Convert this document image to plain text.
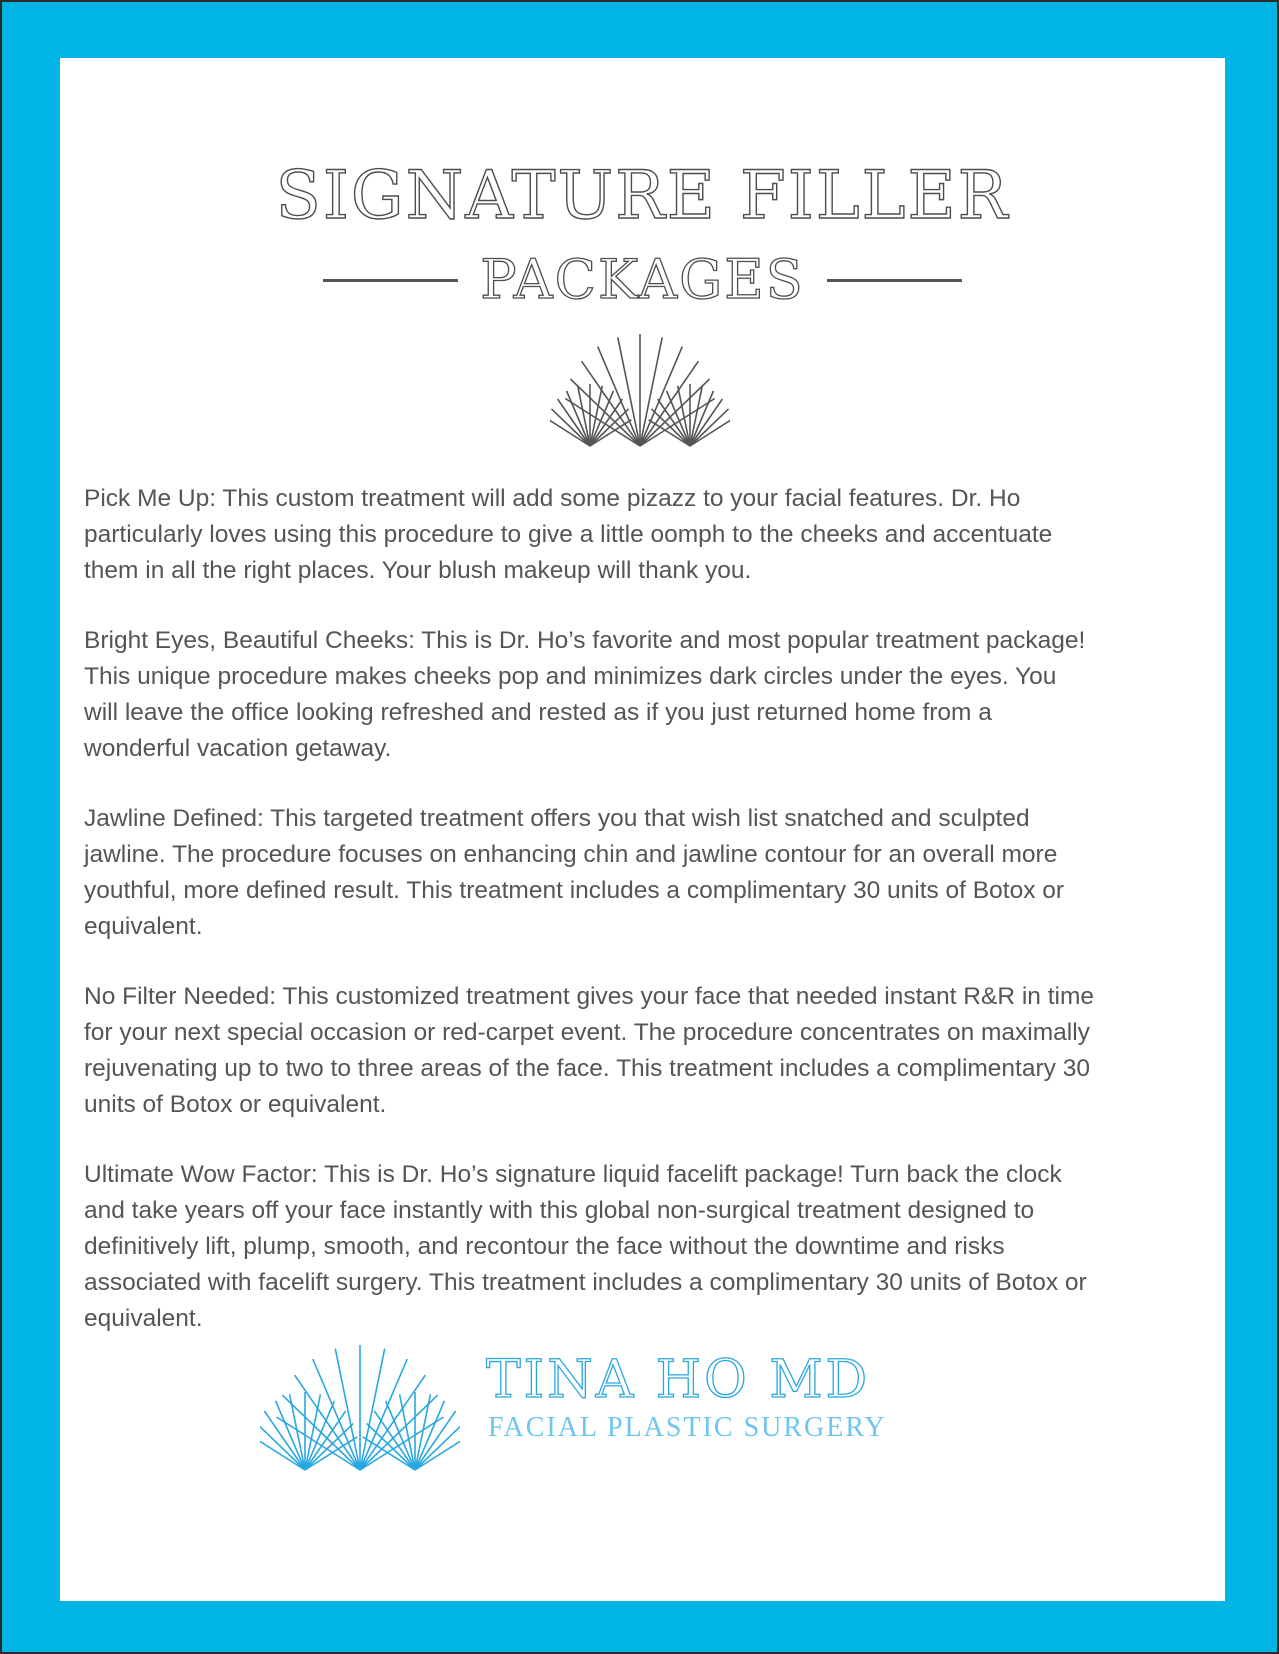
SIGNATURE FILLER
PACKAGES

Pick Me Up: This custom treatment will add some pizazz to your facial features. Dr. Ho particularly loves using this procedure to give a little oomph to the cheeks and accentuate them in all the right places. Your blush makeup will thank you.

Bright Eyes, Beautiful Cheeks: This is Dr. Ho’s favorite and most popular treatment package! This unique procedure makes cheeks pop and minimizes dark circles under the eyes. You will leave the office looking refreshed and rested as if you just returned home from a wonderful vacation getaway.

Jawline Defined: This targeted treatment offers you that wish list snatched and sculpted jawline. The procedure focuses on enhancing chin and jawline contour for an overall more youthful, more defined result. This treatment includes a complimentary 30 units of Botox or equivalent.

No Filter Needed: This customized treatment gives your face that needed instant R&R in time for your next special occasion or red-carpet event. The procedure concentrates on maximally rejuvenating up to two to three areas of the face. This treatment includes a complimentary 30 units of Botox or equivalent.

Ultimate Wow Factor: This is Dr. Ho’s signature liquid facelift package! Turn back the clock and take years off your face instantly with this global non-surgical treatment designed to definitively lift, plump, smooth, and recontour the face without the downtime and risks associated with facelift surgery. This treatment includes a complimentary 30 units of Botox or equivalent.

TINA HO MD
FACIAL PLASTIC SURGERY
